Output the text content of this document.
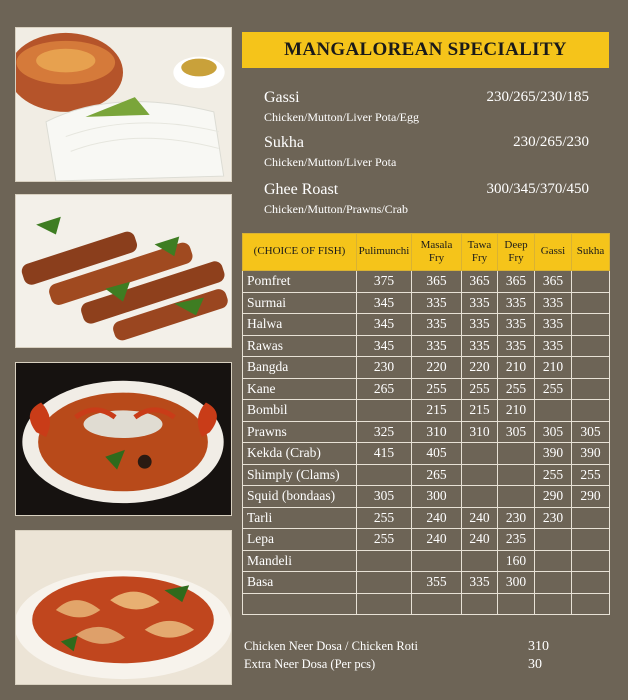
MANGALOREAN SPECIALITY
Gassi	230/265/230/185
Chicken/Mutton/Liver Pota/Egg
Sukha	230/265/230
Chicken/Mutton/Liver Pota
Ghee Roast	300/345/370/450
Chicken/Mutton/Prawns/Crab
(CHOICE OF FISH)	Pulimunchi	Masala Fry	Tawa Fry	Deep Fry	Gassi	Sukha
Pomfret	375	365	365	365	365	
Surmai	345	335	335	335	335	
Halwa	345	335	335	335	335	
Rawas	345	335	335	335	335	
Bangda	230	220	220	210	210	
Kane	265	255	255	255	255	
Bombil		215	215	210		
Prawns	325	310	310	305	305	305
Kekda (Crab)	415	405			390	390
Shimply (Clams)		265			255	255
Squid (bondaas)	305	300			290	290
Tarli	255	240	240	230	230	
Lepa	255	240	240	235		
Mandeli				160		
Basa		355	335	300		

Chicken Neer Dosa / Chicken Roti	310
Extra Neer Dosa (Per pcs)	30
